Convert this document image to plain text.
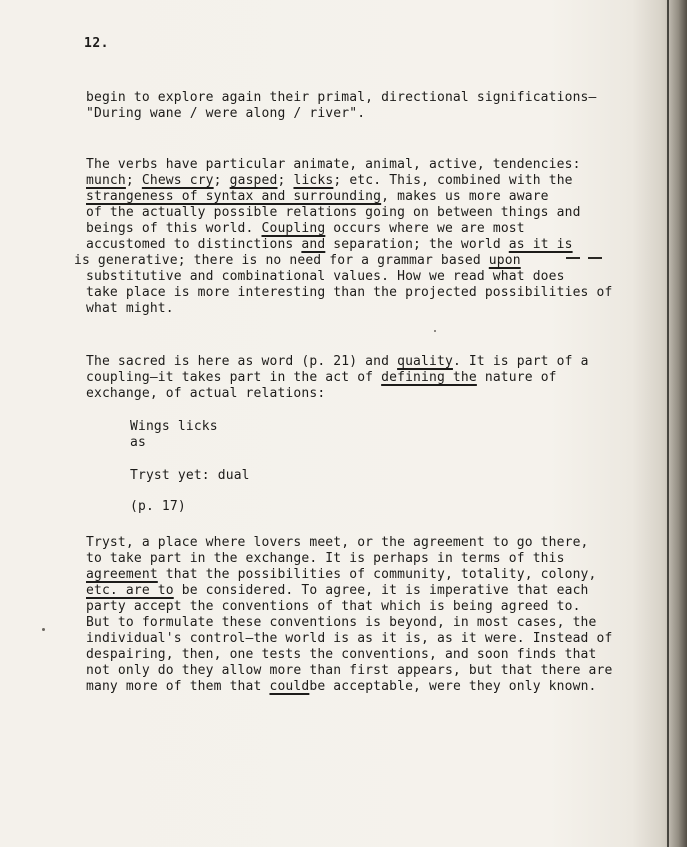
12.
begin to explore again their primal, directional significations—
"During wane / were along / river".
The verbs have particular animate, animal, active, tendencies:
munch; Chews cry; gasped; licks; etc. This, combined with the
strangeness of syntax and surrounding, makes us more aware
of the actually possible relations going on between things and
beings of this world. Coupling occurs where we are most
accustomed to distinctions and separation; the world as it is
is generative; there is no need for a grammar based upon
substitutive and combinational values. How we read what does
take place is more interesting than the projected possibilities of
what might.
The sacred is here as word (p. 21) and quality. It is part of a
coupling—it takes part in the act of defining the nature of
exchange, of actual relations:
Wings licks
as
Tryst yet: dual
(p. 17)
Tryst, a place where lovers meet, or the agreement to go there,
to take part in the exchange. It is perhaps in terms of this
agreement that the possibilities of community, totality, colony,
etc. are to be considered. To agree, it is imperative that each
party accept the conventions of that which is being agreed to.
But to formulate these conventions is beyond, in most cases, the
individual's control—the world is as it is, as it were. Instead of
despairing, then, one tests the conventions, and soon finds that
not only do they allow more than first appears, but that there are
many more of them that couldbe acceptable, were they only known.
